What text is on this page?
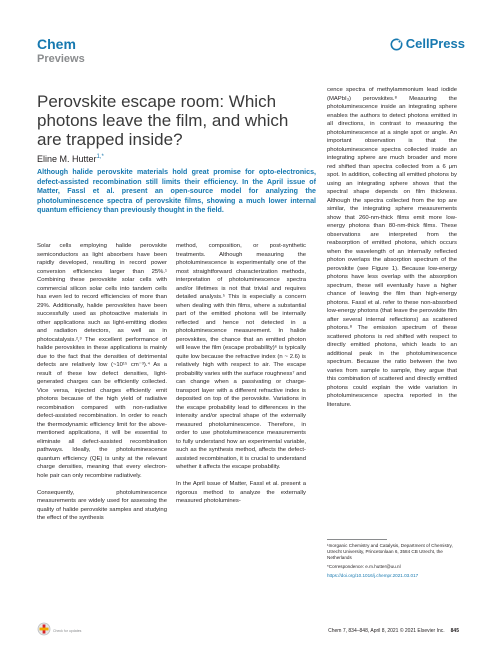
Chem
Previews
CellPress
Perovskite escape room: Which photons leave the film, and which are trapped inside?
Eline M. Hutter$^{1,*}$
Although halide perovskite materials hold great promise for opto-electronics, defect-assisted recombination still limits their efficiency. In the April issue of Matter, Fassl et al. present an open-source model for analyzing the photoluminescence spectra of perovskite films, showing a much lower internal quantum efficiency than previously thought in the field.

Solar cells employing halide perovskite semiconductors as light absorbers have been rapidly developed, resulting in record power conversion efficiencies larger than 25%.¹ Combining these perovskite solar cells with commercial silicon solar cells into tandem cells has even led to record efficiencies of more than 29%. Additionally, halide perovskites have been successfully used as photoactive materials in other applications such as light-emitting diodes and radiation detectors, as well as in photocatalysis.²,³ The excellent performance of halide perovskites in these applications is mainly due to the fact that the densities of detrimental defects are relatively low (~10¹⁵ cm⁻³).⁴ As a result of these low defect densities, light-generated charges can be efficiently collected. Vice versa, injected charges efficiently emit photons because of the high yield of radiative recombination compared with non-radiative defect-assisted recombination. In order to reach the thermodynamic efficiency limit for the above-mentioned applications, it will be essential to eliminate all defect-assisted recombination pathways. Ideally, the photoluminescence quantum efficiency (QE) is unity at the relevant charge densities, meaning that every electron-hole pair can only recombine radiatively.

Consequently, photoluminescence measurements are widely used for assessing the quality of halide perovskite samples and studying the effect of the synthesis

method, composition, or post-synthetic treatments. Although measuring the photoluminescence is experimentally one of the most straightforward characterization methods, interpretation of photoluminescence spectra and/or lifetimes is not that trivial and requires detailed analysis.⁵ This is especially a concern when dealing with thin films, where a substantial part of the emitted photons will be internally reflected and hence not detected in a photoluminescence measurement. In halide perovskites, the chance that an emitted photon will leave the film (escape probability)⁶ is typically quite low because the refractive index (n ~ 2.6) is relatively high with respect to air. The escape probability varies with the surface roughness⁷ and can change when a passivating or charge-transport layer with a different refractive index is deposited on top of the perovskite. Variations in the escape probability lead to differences in the intensity and/or spectral shape of the externally measured photoluminescence. Therefore, in order to use photoluminescence measurements to fully understand how an experimental variable, such as the synthesis method, affects the defect-assisted recombination, it is crucial to understand whether it affects the escape probability.

In the April issue of Matter, Fassl et al. present a rigorous method to analyze the externally measured photolumines-

cence spectra of methylammonium lead iodide (MAPbI₃) perovskites.⁸ Measuring the photoluminescence inside an integrating sphere enables the authors to detect photons emitted in all directions, in contrast to measuring the photoluminescence at a single spot or angle. An important observation is that the photoluminescence spectra collected inside an integrating sphere are much broader and more red shifted than spectra collected from a 6 μm spot. In addition, collecting all emitted photons by using an integrating sphere shows that the spectral shape depends on film thickness. Although the spectra collected from the top are similar, the integrating sphere measurements show that 260-nm-thick films emit more low-energy photons than 80-nm-thick films. These observations are interpreted from the reabsorption of emitted photons, which occurs when the wavelength of an internally reflected photon overlaps the absorption spectrum of the perovskite (see Figure 1). Because low-energy photons have less overlap with the absorption spectrum, these will eventually have a higher chance of leaving the film than high-energy photons. Fassl et al. refer to these non-absorbed low-energy photons (that leave the perovskite film after several internal reflections) as scattered photons.⁸ The emission spectrum of these scattered photons is red shifted with respect to directly emitted photons, which leads to an additional peak in the photoluminescence spectrum. Because the ratio between the two varies from sample to sample, they argue that this combination of scattered and directly emitted photons could explain the wide variation in photoluminescence spectra reported in the literature.

¹Inorganic Chemistry and Catalysis, Department of Chemistry, Utrecht University, Princetonlaan 6, 3584 CB Utrecht, the Netherlands
*Correspondence: e.m.hutter@uu.nl
https://doi.org/10.1016/j.chempr.2021.03.017
Check for updates	Chem 7, 834–848, April 8, 2021 © 2021 Elsevier Inc. 845
